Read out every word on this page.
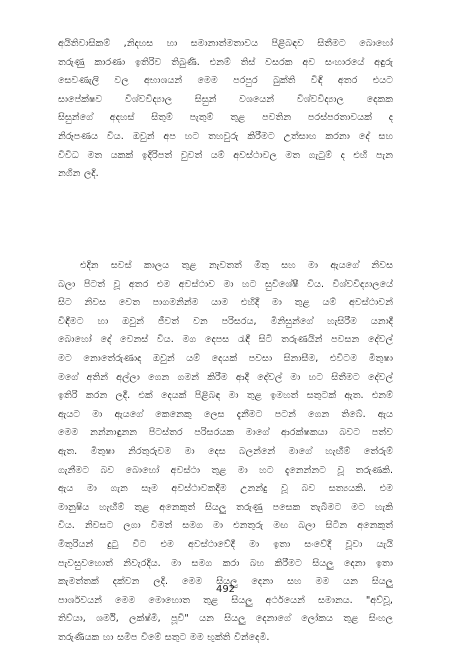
අයිතිවාසිකම් ,නිදහස හා සමානාත්මතාවය පිළිබඳව සිතීමට බොහෝ
තරුණු කාරණා ඉතිරිව තිබුණි. එනම් තිස් වසරක අව සංහාරයේ අඳුරු
සෙවණැලි වල අභාශයන් මෙම පරපුර බුක්ති විඳි අතර එයට
සාපේක්ෂව විශ්වවිද්‍යාල සිසුන් වශයෙන් විශ්වවිද්‍යාල දෙකක
සිසුන්ගේ අදහස් සිතුම් පැතුම් තුළ පවතින පරස්පරතාවයක් ද
නිරූපණය විය. ඔවුන් අප හට තහවුරු කිරීමට උත්සාහ කරනා දේ සහ
විවිධ මත යකක් ඉදිරිපත් වුවත් යම් අවස්ථාවල මත ගැටුම් ද එහි පැන
නගින ලදි.
එදින සවස් කාලය තුළ නැවතත් මිතු සහ මා ඇයගේ නිවස
බලා පිටත් වූ අතර එම අවස්ථාව මා හට සුවිශේෂී විය. විශ්වවිද්‍යාලයේ
සිට නිවස වෙත පාගමනින්ම යාම එහිදී මා තුළ යම් අවස්ථාවන්
විඳීමට හා ඔවුන් ජීවත් වන පරිසරය, මිනිසුන්ගේ හැසිරීම යනාදී
බොහෝ දේ වෙනස් විය. මග දෙපස රැඳී සිටි තරුණයින් පවසන දේවල්
මට නොතේරුණාද ඔවුන් යම් දෙයක් පවසා සිනාසීම, එවිටම මිතුෂා
මගේ අතින් අල්ලා ගෙන ගමන් කිරීම ආදී දේවල් මා හට සිතීමට දේවල්
ඉතිරි කරන ලදී. එක් දෙයක් පිළිබඳ මා තුළ ඉමහත් සතුටක් ඇත. එනම්
ඇයට මා ඇයගේ කෙනෙකු ලෙස දැනීමට පටන් ගෙන තිබේ. ඇය
මෙම නන්නාඳුනන පිටස්තර පරිසරයක මාගේ ආරක්ෂකයා බවට පත්ව
ඇත. මිතුෂා නිරතුරුවම මා දෙස බලන්නේ මාගේ හැඟීම් තේරුම්
ගැනීමට බව බොහෝ අවස්ථා තුළ මා හට දැනෙන්නට වූ තරුණකි.
ඇය මා ගැන සෑම අවස්ථාවකදීම උනන්දු වූ බව සත්‍යයකි. එම
මානුෂිය හැඟීම් තුළ අනෙකුත් සියලු තරුණු පසෙක තැබීමට මට හැකි
විය. නිවසට ලගා විමත් සමග මා එනතුරු මඟ බලා සිටින අනෙකුත්
මිතුරියන් දුටු විට එම අවස්ථාවේදී මා ඉතා සංවේදී වූවා යැයි
පැවසුවහොත් නිවැරදිය. මා සමග කරා බහ කිරීමට සියලු දෙනා ඉතා
කැමත්තක් දක්වන ලදි. මෙම සියලු දෙනා සහ මම යන සියලු
පාර්ශවයන් මෙම මොහොත තුළ සියලු අර්ථයෙන් සමානය. "අව්වූ,
තිව්යා, ශර්මි, ලක්ෂ්මි, පූවී" යන සියලු දෙනාගේ ලෝකය තුළ සිංහල
තරුණියක හා සමීප වීමේ සතුට මම භුක්ති වින්දෙමි.
492
